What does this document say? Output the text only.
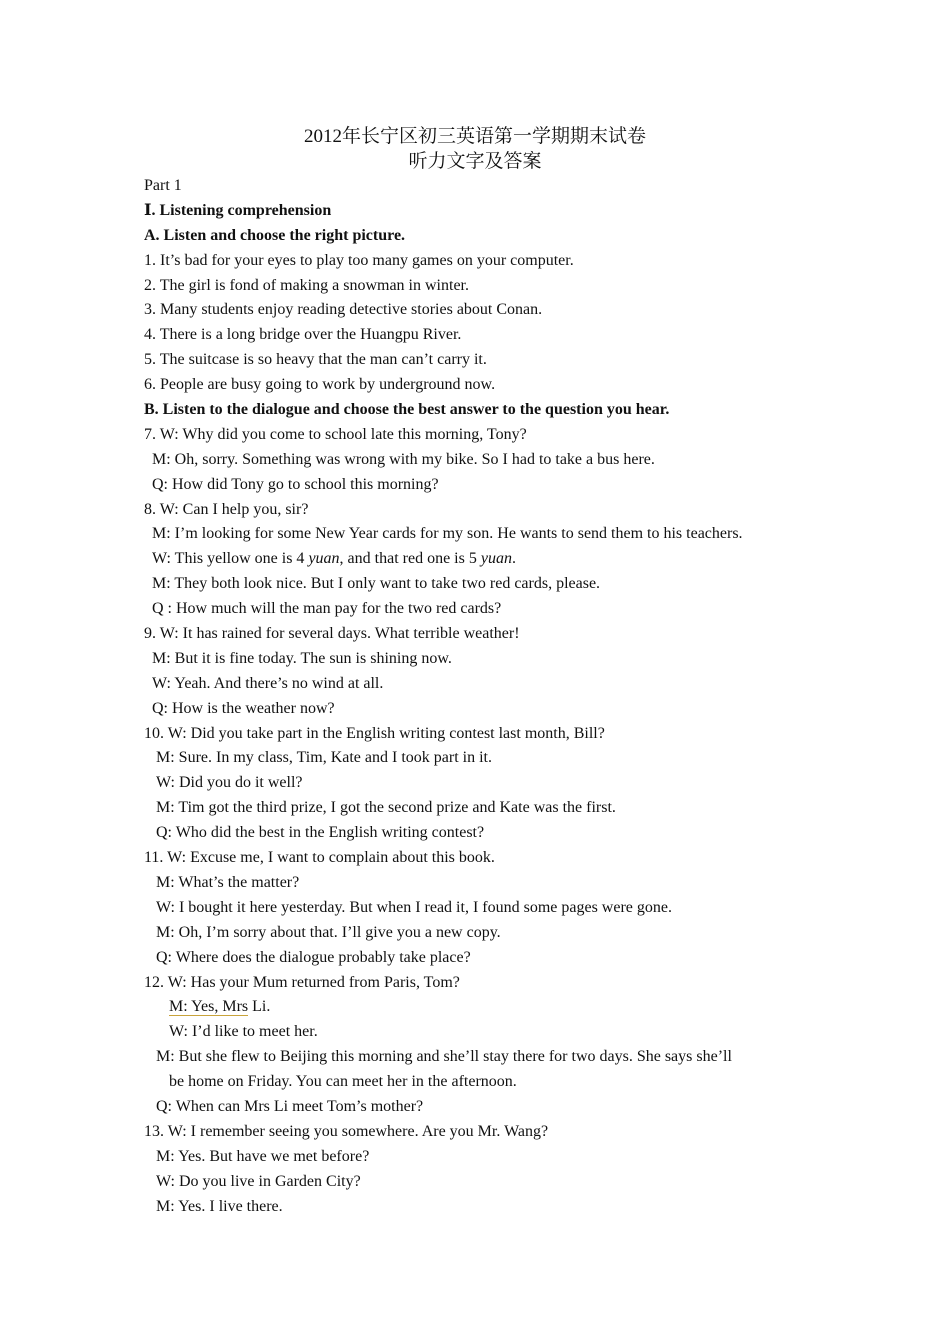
2012年长宁区初三英语第一学期期末试卷
听力文字及答案
Part 1
Ⅰ. Listening comprehension
A. Listen and choose the right picture.
1. It’s bad for your eyes to play too many games on your computer.
2. The girl is fond of making a snowman in winter.
3. Many students enjoy reading detective stories about Conan.
4. There is a long bridge over the Huangpu River.
5. The suitcase is so heavy that the man can’t carry it.
6. People are busy going to work by underground now.
B. Listen to the dialogue and choose the best answer to the question you hear.
7. W: Why did you come to school late this morning, Tony?
M: Oh, sorry. Something was wrong with my bike. So I had to take a bus here.
Q: How did Tony go to school this morning?
8. W: Can I help you, sir?
M: I’m looking for some New Year cards for my son. He wants to send them to his teachers.
W: This yellow one is 4 yuan, and that red one is 5 yuan.
M: They both look nice. But I only want to take two red cards, please.
Q : How much will the man pay for the two red cards?
9. W: It has rained for several days. What terrible weather!
M: But it is fine today. The sun is shining now.
W: Yeah. And there’s no wind at all.
Q: How is the weather now?
10. W: Did you take part in the English writing contest last month, Bill?
M: Sure. In my class, Tim, Kate and I took part in it.
W: Did you do it well?
M: Tim got the third prize, I got the second prize and Kate was the first.
Q: Who did the best in the English writing contest?
11. W: Excuse me, I want to complain about this book.
M: What’s the matter?
W: I bought it here yesterday. But when I read it, I found some pages were gone.
M: Oh, I’m sorry about that. I’ll give you a new copy.
Q: Where does the dialogue probably take place?
12. W: Has your Mum returned from Paris, Tom?
M: Yes, Mrs Li.
W: I’d like to meet her.
M: But she flew to Beijing this morning and she’ll stay there for two days. She says she’ll
be home on Friday. You can meet her in the afternoon.
Q: When can Mrs Li meet Tom’s mother?
13. W: I remember seeing you somewhere. Are you Mr. Wang?
M: Yes. But have we met before?
W: Do you live in Garden City?
M: Yes. I live there.
